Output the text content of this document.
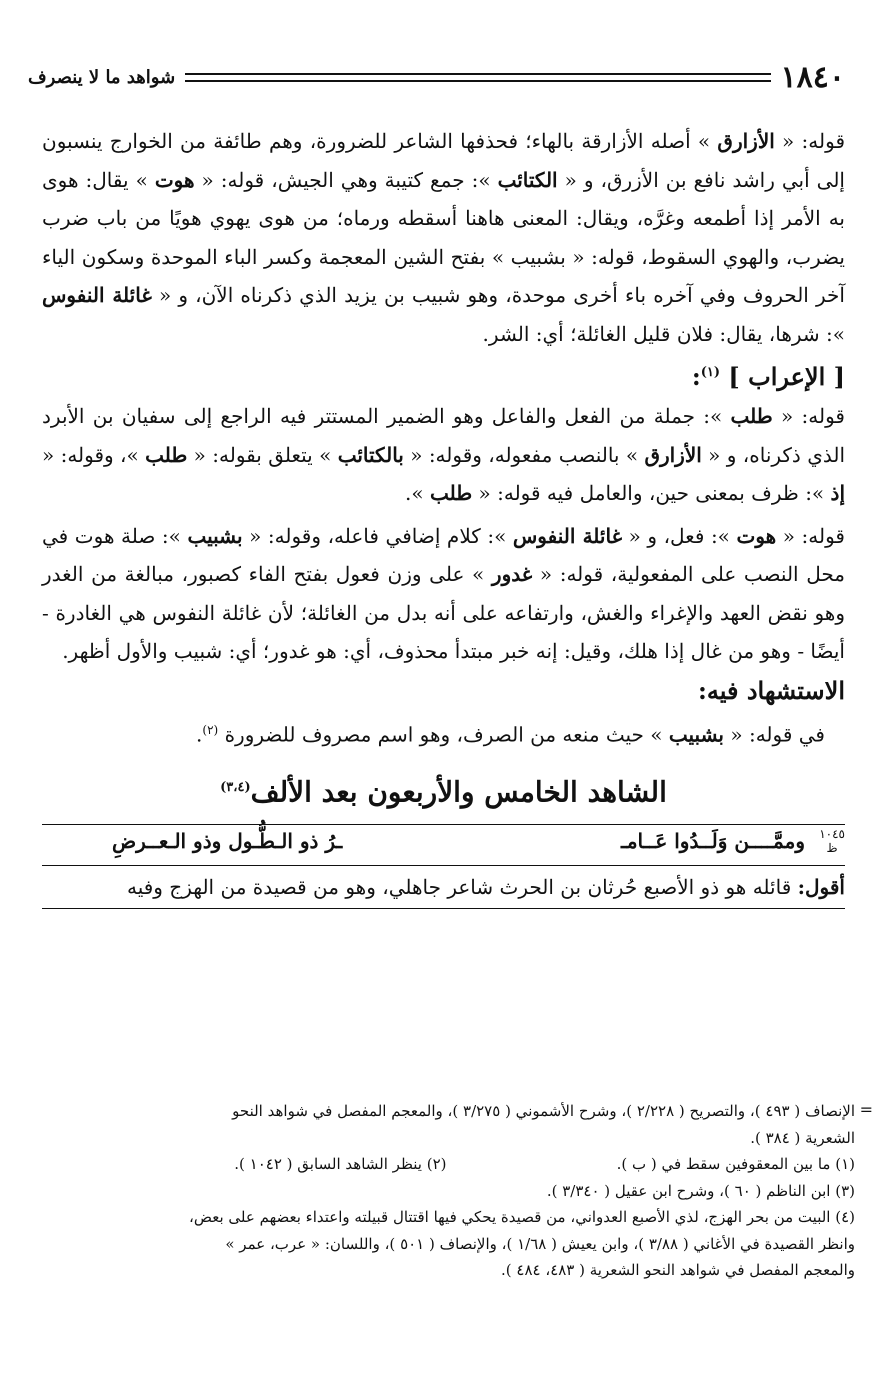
١٨٤٠
شواهد ما لا ينصرف

قوله: « الأزارق » أصله الأزارقة بالهاء؛ فحذفها الشاعر للضرورة، وهم طائفة من الخوارج ينسبون إلى أبي راشد نافع بن الأزرق، و « الكتائب »: جمع كتيبة وهي الجيش، قوله: « هوت » يقال: هوى به الأمر إذا أطمعه وغرَّه، ويقال: المعنى هاهنا أسقطه ورماه؛ من هوى يهوي هويًا من باب ضرب يضرب، والهوي السقوط، قوله: « بشبيب » بفتح الشين المعجمة وكسر الباء الموحدة وسكون الياء آخر الحروف وفي آخره باء أخرى موحدة، وهو شبيب بن يزيد الذي ذكرناه الآن، و « غائلة النفوس »: شرها، يقال: فلان قليل الغائلة؛ أي: الشر.

[ الإعراب ] $^{(١)}$:

قوله: « طلب »: جملة من الفعل والفاعل وهو الضمير المستتر فيه الراجع إلى سفيان بن الأبرد الذي ذكرناه، و « الأزارق » بالنصب مفعوله، وقوله: « بالكتائب » يتعلق بقوله: « طلب »، وقوله: « إذ »: ظرف بمعنى حين، والعامل فيه قوله: « طلب ».

قوله: « هوت »: فعل، و « غائلة النفوس »: كلام إضافي فاعله، وقوله: « بشبيب »: صلة هوت في محل النصب على المفعولية، قوله: « غدور » على وزن فعول بفتح الفاء كصبور، مبالغة من الغدر وهو نقض العهد والإغراء والغش، وارتفاعه على أنه بدل من الغائلة؛ لأن غائلة النفوس هي الغادرة - أيضًا - وهو من غال إذا هلك، وقيل: إنه خبر مبتدأ محذوف، أي: هو غدور؛ أي: شبيب والأول أظهر.

الاستشهاد فيه:

في قوله: « بشبيب » حيث منعه من الصرف، وهو اسم مصروف للضرورة $^{(٢)}$.

الشاهد الخامس والأربعون بعد الألف$^{(٣،٤)}$
١٠٤٥
ظ
وممَّــــن وَلَــدُوا عَــامـ
ـرُ ذو الـطُّـول وذو الـعــرضِ

أقول: قائله هو ذو الأصبع حُرثان بن الحرث شاعر جاهلي، وهو من قصيدة من الهزج وفيه

=

الإنصاف ( ٤٩٣ )، والتصريح ( ٢/٢٢٨ )، وشرح الأشموني ( ٣/٢٧٥ )، والمعجم المفصل في شواهد النحو

الشعرية ( ٣٨٤ ).

(١) ما بين المعقوفين سقط في ( ب ).

(٢) ينظر الشاهد السابق ( ١٠٤٢ ).

(٣) ابن الناظم ( ٦٠ )، وشرح ابن عقيل ( ٣/٣٤٠ ).

(٤) البيت من بحر الهزج، لذي الأصبع العدواني، من قصيدة يحكي فيها اقتتال قبيلته واعتداء بعضهم على بعض،

وانظر القصيدة في الأغاني ( ٣/٨٨ )، وابن يعيش ( ١/٦٨ )، والإنصاف ( ٥٠١ )، واللسان: « عرب، عمر »

والمعجم المفصل في شواهد النحو الشعرية ( ٤٨٣، ٤٨٤ ).
